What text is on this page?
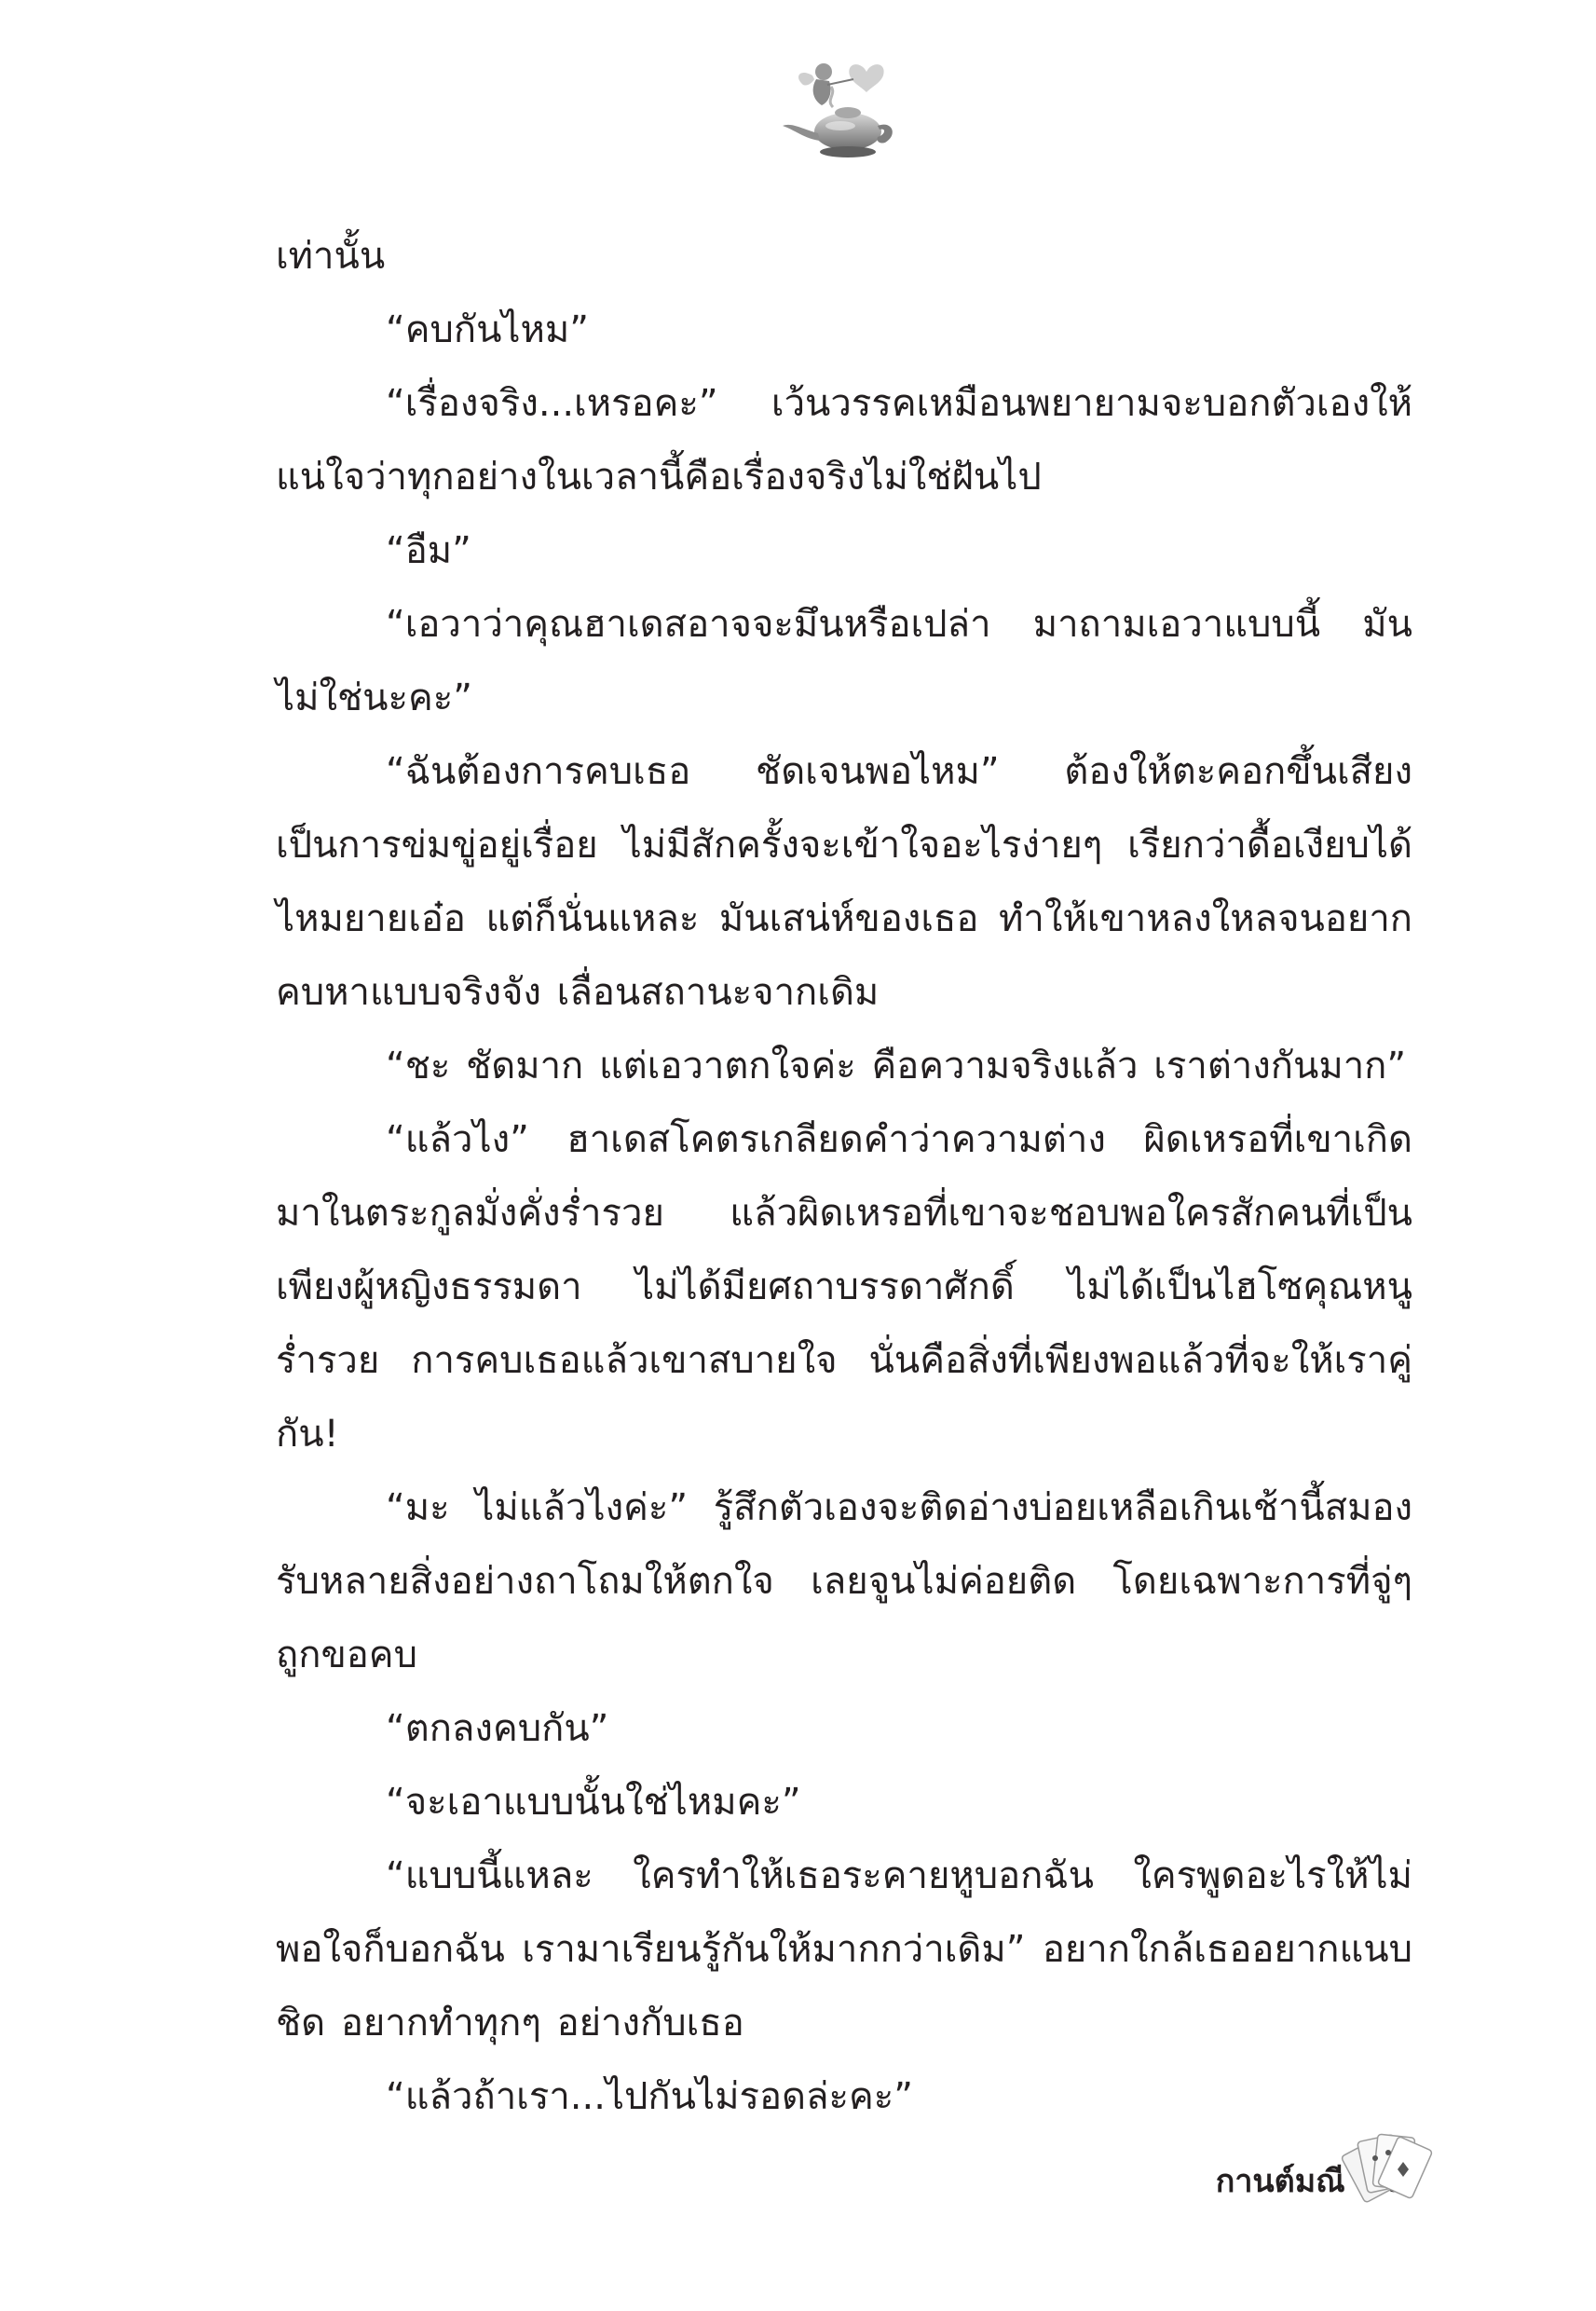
เท่านั้น

“คบกันไหม”

“เรื่องจริง...เหรอคะ” เว้นวรรคเหมือนพยายามจะบอกตัวเองให้แน่ใจว่าทุกอย่างในเวลานี้คือเรื่องจริงไม่ใช่ฝันไป

“อืม”

“เอวาว่าคุณฮาเดสอาจจะมึนหรือเปล่า มาถามเอวาแบบนี้ มันไม่ใช่นะคะ”

“ฉันต้องการคบเธอ ชัดเจนพอไหม” ต้องให้ตะคอกขึ้นเสียงเป็นการข่มขู่อยู่เรื่อย ไม่มีสักครั้งจะเข้าใจอะไรง่ายๆ เรียกว่าดื้อเงียบได้ไหมยายเอ๋อ แต่ก็นั่นแหละ มันเสน่ห์ของเธอ ทำให้เขาหลงใหลจนอยากคบหาแบบจริงจัง เลื่อนสถานะจากเดิม

“ชะ ชัดมาก แต่เอวาตกใจค่ะ คือความจริงแล้ว เราต่างกันมาก”

“แล้วไง” ฮาเดสโคตรเกลียดคำว่าความต่าง ผิดเหรอที่เขาเกิดมาในตระกูลมั่งคั่งร่ำรวย แล้วผิดเหรอที่เขาจะชอบพอใครสักคนที่เป็นเพียงผู้หญิงธรรมดา ไม่ได้มียศถาบรรดาศักดิ์ ไม่ได้เป็นไฮโซคุณหนูร่ำรวย การคบเธอแล้วเขาสบายใจ นั่นคือสิ่งที่เพียงพอแล้วที่จะให้เราคู่กัน!

“มะ ไม่แล้วไงค่ะ” รู้สึกตัวเองจะติดอ่างบ่อยเหลือเกินเช้านี้สมองรับหลายสิ่งอย่างถาโถมให้ตกใจ เลยจูนไม่ค่อยติด โดยเฉพาะการที่จู่ๆ ถูกขอคบ

“ตกลงคบกัน”

“จะเอาแบบนั้นใช่ไหมคะ”

“แบบนี้แหละ ใครทำให้เธอระคายหูบอกฉัน ใครพูดอะไรให้ไม่พอใจก็บอกฉัน เรามาเรียนรู้กันให้มากกว่าเดิม” อยากใกล้เธออยากแนบชิด อยากทำทุกๆ อย่างกับเธอ

“แล้วถ้าเรา...ไปกันไม่รอดล่ะคะ”

กานต์มณี
